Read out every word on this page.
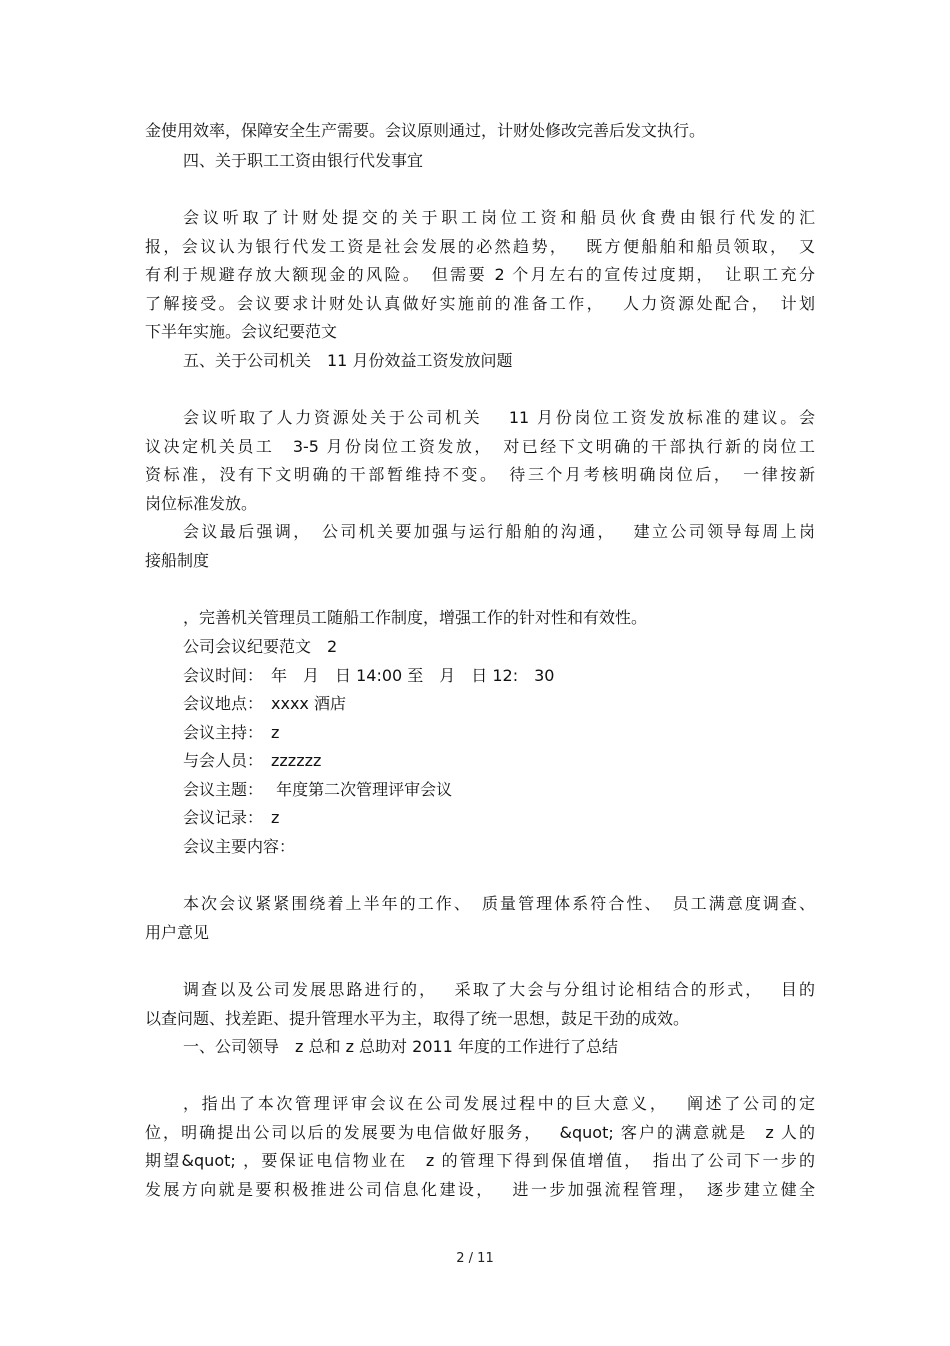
金使用效率，保障安全生产需要。会议原则通过，计财处修改完善后发文执行。
四、关于职工工资由银行代发事宜
会议听取了计财处提交的关于职工岗位工资和船员伙食费由银行代发的汇
报，会议认为银行代发工资是社会发展的必然趋势，　 既方便船舶和船员领取，　又
有利于规避存放大额现金的风险。　但需要 2 个月左右的宣传过度期，　让职工充分
了解接受。会议要求计财处认真做好实施前的准备工作，　 人力资源处配合，　计划
下半年实施。会议纪要范文
五、关于公司机关　11 月份效益工资发放问题
会议听取了人力资源处关于公司机关　 11 月份岗位工资发放标准的建议。会
议决定机关员工　3-5 月份岗位工资发放，　对已经下文明确的干部执行新的岗位工
资标准，没有下文明确的干部暂维持不变。　待三个月考核明确岗位后，　一律按新
岗位标准发放。
会议最后强调，　公司机关要加强与运行船舶的沟通，　 建立公司领导每周上岗
接船制度
，完善机关管理员工随船工作制度，增强工作的针对性和有效性。
公司会议纪要范文　2
会议时间：　年　月　日 14:00 至　月　日 12:　30
会议地点：　xxxx 酒店
会议主持：　z
与会人员：　zzzzzz
会议主题：　 年度第二次管理评审会议
会议记录：　z
会议主要内容：
本次会议紧紧围绕着上半年的工作、　质量管理体系符合性、　员工满意度调查、
用户意见
调查以及公司发展思路进行的，　 采取了大会与分组讨论相结合的形式，　 目的
以查问题、找差距、提升管理水平为主，取得了统一思想，鼓足干劲的成效。
一、公司领导　z 总和 z 总助对 2011 年度的工作进行了总结
，指出了本次管理评审会议在公司发展过程中的巨大意义，　 阐述了公司的定
位，明确提出公司以后的发展要为电信做好服务，　 &quot; 客户的满意就是　z 人的
期望&quot; ，要保证电信物业在　z 的管理下得到保值增值，　指出了公司下一步的
发展方向就是要积极推进公司信息化建设，　 进一步加强流程管理，　逐步建立健全
2 / 11
